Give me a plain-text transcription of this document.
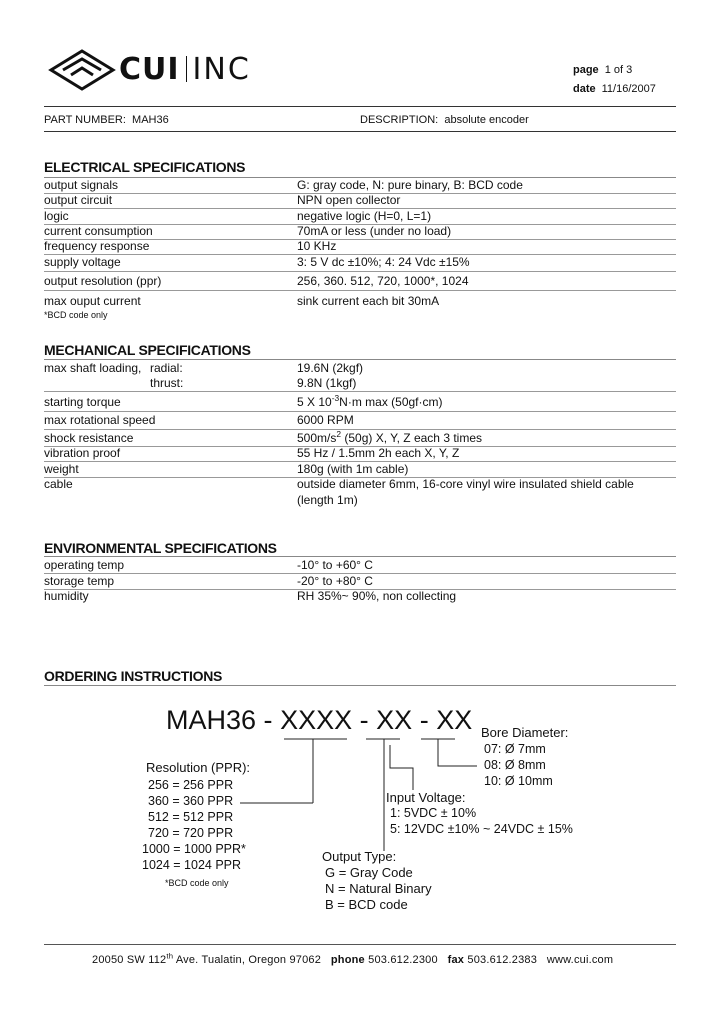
CUI INC	page 1 of 3
date 11/16/2007
PART NUMBER: MAH36	DESCRIPTION: absolute encoder
ELECTRICAL SPECIFICATIONS
output signals	G: gray code, N: pure binary, B: BCD code
output circuit	NPN open collector
logic	negative logic (H=0, L=1)
current consumption	70mA or less (under no load)
frequency response	10 KHz
supply voltage	3: 5 V dc ±10%; 4: 24 Vdc ±15%
output resolution (ppr)	256, 360. 512, 720, 1000*, 1024
max ouput current	sink current each bit 30mA
*BCD code only
MECHANICAL SPECIFICATIONS
max shaft loading, radial:	19.6N (2kgf)
thrust:	9.8N (1kgf)
starting torque	5 X $10^{-3}N\cdot m$ max (50gf·cm)
max rotational speed	6000 RPM
shock resistance	$500m/s^2$ (50g) X, Y, Z each 3 times
vibration proof	55 Hz / 1.5mm 2h each X, Y, Z
weight	180g (with 1m cable)
cable	outside diameter 6mm, 16-core vinyl wire insulated shield cable
(length 1m)
ENVIRONMENTAL SPECIFICATIONS
operating temp	-10° to +60° C
storage temp	-20° to +80° C
humidity	RH 35%~ 90%, non collecting
ORDERING INSTRUCTIONS
MAH36 - XXXX - XX - XX
Resolution (PPR):
256 = 256 PPR
360 = 360 PPR
512 = 512 PPR
720 = 720 PPR
1000 = 1000 PPR*
1024 = 1024 PPR
*BCD code only
Bore Diameter:
07: Ø 7mm
08: Ø 8mm
10: Ø 10mm
Input Voltage:
1: 5VDC ± 10%
5: 12VDC ±10% ~ 24VDC ± 15%
Output Type:
G = Gray Code
N = Natural Binary
B = BCD code
20050 SW 112th Ave. Tualatin, Oregon 97062 phone 503.612.2300 fax 503.612.2383 www.cui.com
